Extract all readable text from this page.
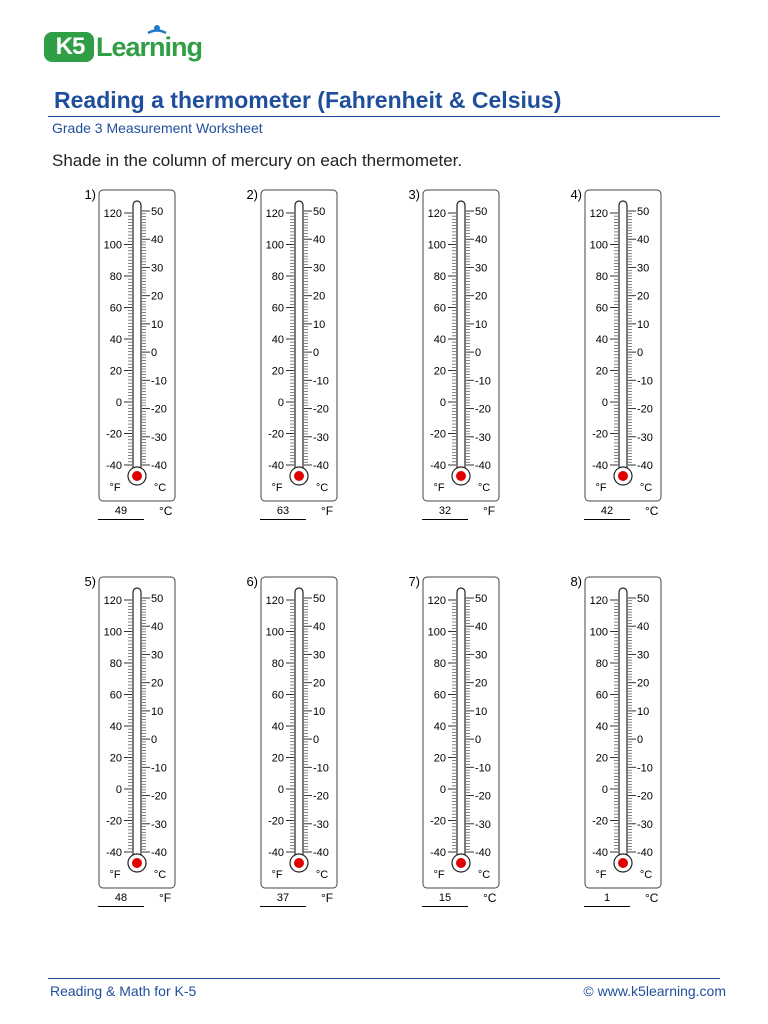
K5 Learning
Reading a thermometer (Fahrenheit & Celsius)
Grade 3 Measurement Worksheet
Shade in the column of mercury on each thermometer.
1)
120
100
80
60
40
20
0
-20
-40
50
40
30
20
10
0
-10
-20
-30
-40
°F	°C
49	°C
2)
120
100
80
60
40
20
0
-20
-40
50
40
30
20
10
0
-10
-20
-30
-40
°F	°C
63	°F
3)
120
100
80
60
40
20
0
-20
-40
50
40
30
20
10
0
-10
-20
-30
-40
°F	°C
32	°F
4)
120
100
80
60
40
20
0
-20
-40
50
40
30
20
10
0
-10
-20
-30
-40
°F	°C
42	°C
5)
120
100
80
60
40
20
0
-20
-40
50
40
30
20
10
0
-10
-20
-30
-40
°F	°C
48	°F
6)
120
100
80
60
40
20
0
-20
-40
50
40
30
20
10
0
-10
-20
-30
-40
°F	°C
37	°F
7)
120
100
80
60
40
20
0
-20
-40
50
40
30
20
10
0
-10
-20
-30
-40
°F	°C
15	°C
8)
120
100
80
60
40
20
0
-20
-40
50
40
30
20
10
0
-10
-20
-30
-40
°F	°C
1	°C
Reading & Math for K-5	© www.k5learning.com
